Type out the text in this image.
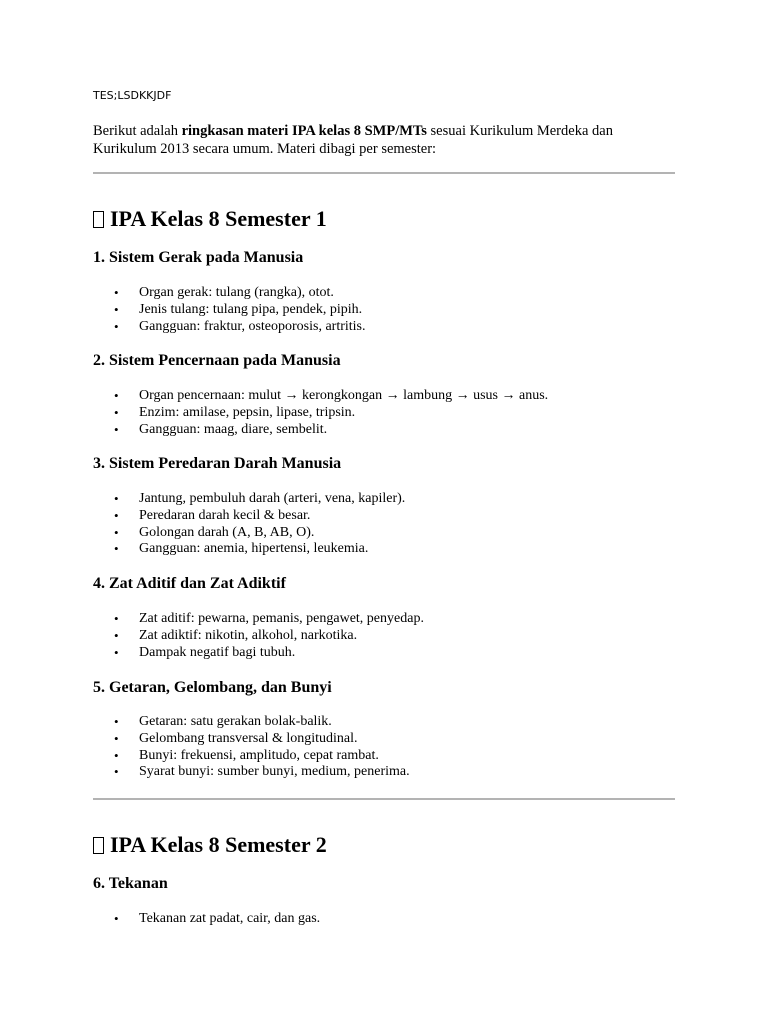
TES;LSDKKJDF
Berikut adalah ringkasan materi IPA kelas 8 SMP/MTs sesuai Kurikulum Merdeka dan Kurikulum 2013 secara umum. Materi dibagi per semester:
IPA Kelas 8 Semester 1
1. Sistem Gerak pada Manusia
• Organ gerak: tulang (rangka), otot.
• Jenis tulang: tulang pipa, pendek, pipih.
• Gangguan: fraktur, osteoporosis, artritis.
2. Sistem Pencernaan pada Manusia
• Organ pencernaan: mulut → kerongkongan → lambung → usus → anus.
• Enzim: amilase, pepsin, lipase, tripsin.
• Gangguan: maag, diare, sembelit.
3. Sistem Peredaran Darah Manusia
• Jantung, pembuluh darah (arteri, vena, kapiler).
• Peredaran darah kecil & besar.
• Golongan darah (A, B, AB, O).
• Gangguan: anemia, hipertensi, leukemia.
4. Zat Aditif dan Zat Adiktif
• Zat aditif: pewarna, pemanis, pengawet, penyedap.
• Zat adiktif: nikotin, alkohol, narkotika.
• Dampak negatif bagi tubuh.
5. Getaran, Gelombang, dan Bunyi
• Getaran: satu gerakan bolak-balik.
• Gelombang transversal & longitudinal.
• Bunyi: frekuensi, amplitudo, cepat rambat.
• Syarat bunyi: sumber bunyi, medium, penerima.
IPA Kelas 8 Semester 2
6. Tekanan
• Tekanan zat padat, cair, dan gas.
